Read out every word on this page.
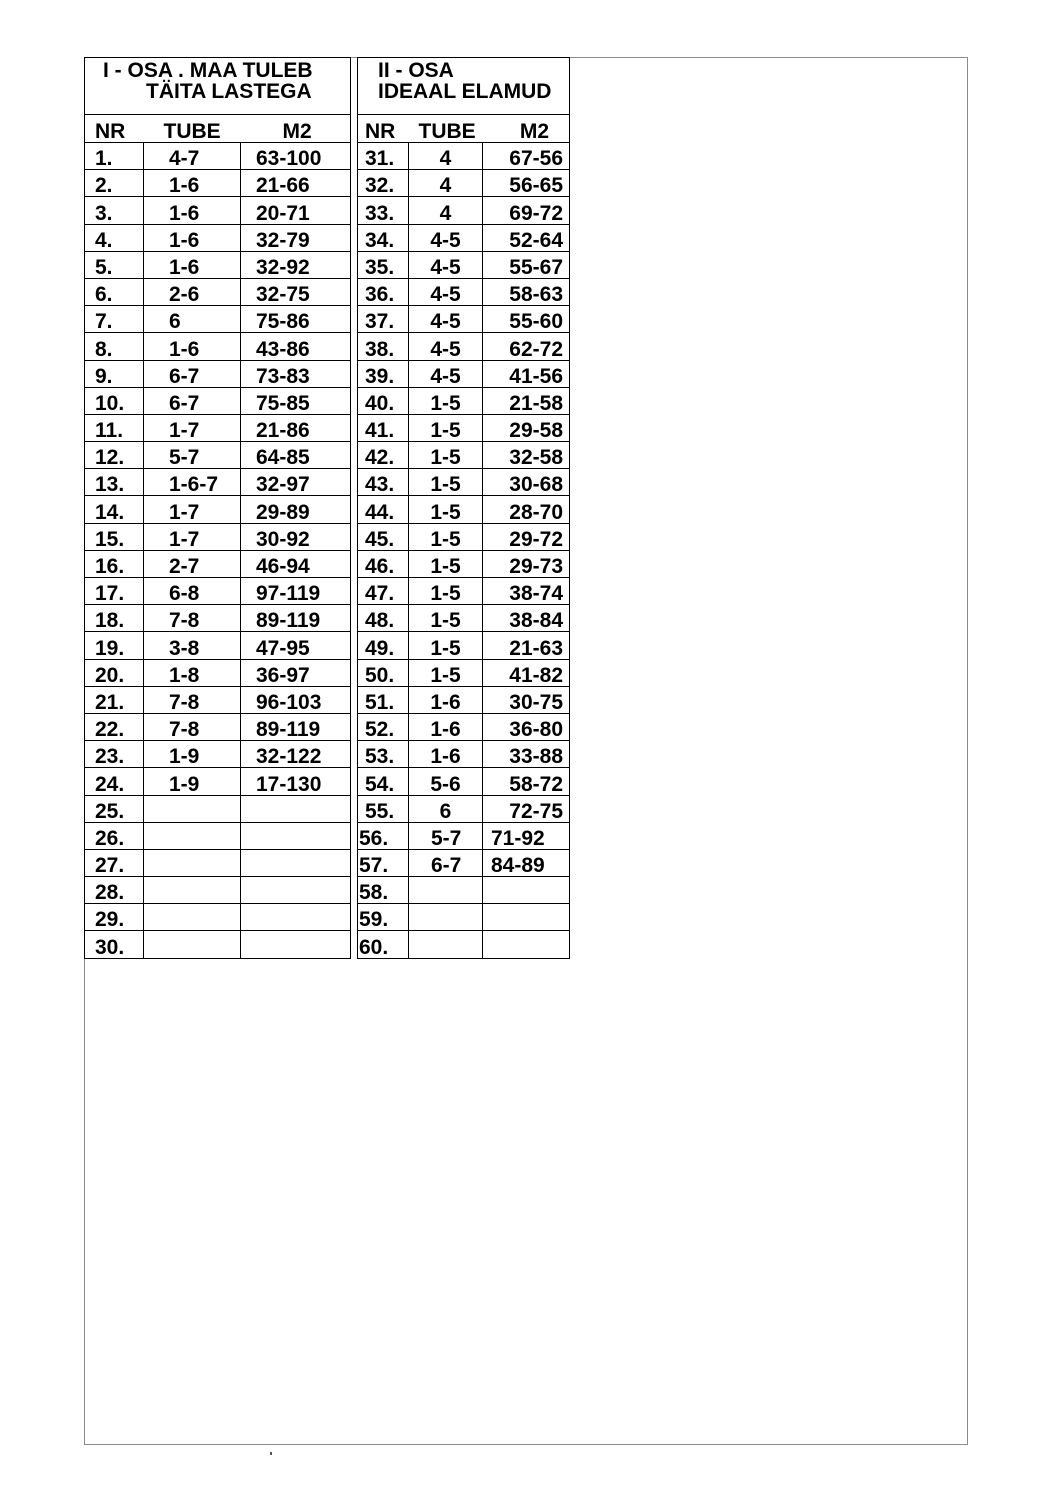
I - OSA . MAA TULEB
TÄITA LASTEGA		

NR	TUBE	M2
1.	4-7	63-100
2.	1-6	21-66
3.	1-6	20-71
4.	1-6	32-79
5.	1-6	32-92
6.	2-6	32-75
7.	6	75-86
8.	1-6	43-86
9.	6-7	73-83
10.	6-7	75-85
11.	1-7	21-86
12.	5-7	64-85
13.	1-6-7	32-97
14.	1-7	29-89
15.	1-7	30-92
16.	2-7	46-94
17.	6-8	97-119
18.	7-8	89-119
19.	3-8	47-95
20.	1-8	36-97
21.	7-8	96-103
22.	7-8	89-119
23.	1-9	32-122
24.	1-9	17-130
25.		
26.		
27.		
28.		
29.		
30.		
II - OSA
IDEAAL ELAMUD		

NR	TUBE	M2
31.	4	67-56
32.	4	56-65
33.	4	69-72
34.	4-5	52-64
35.	4-5	55-67
36.	4-5	58-63
37.	4-5	55-60
38.	4-5	62-72
39.	4-5	41-56
40.	1-5	21-58
41.	1-5	29-58
42.	1-5	32-58
43.	1-5	30-68
44.	1-5	28-70
45.	1-5	29-72
46.	1-5	29-73
47.	1-5	38-74
48.	1-5	38-84
49.	1-5	21-63
50.	1-5	41-82
51.	1-6	30-75
52.	1-6	36-80
53.	1-6	33-88
54.	5-6	58-72
55.	6	72-75
56.	5-7	71-92
57.	6-7	84-89
58.		
59.		
60.		
